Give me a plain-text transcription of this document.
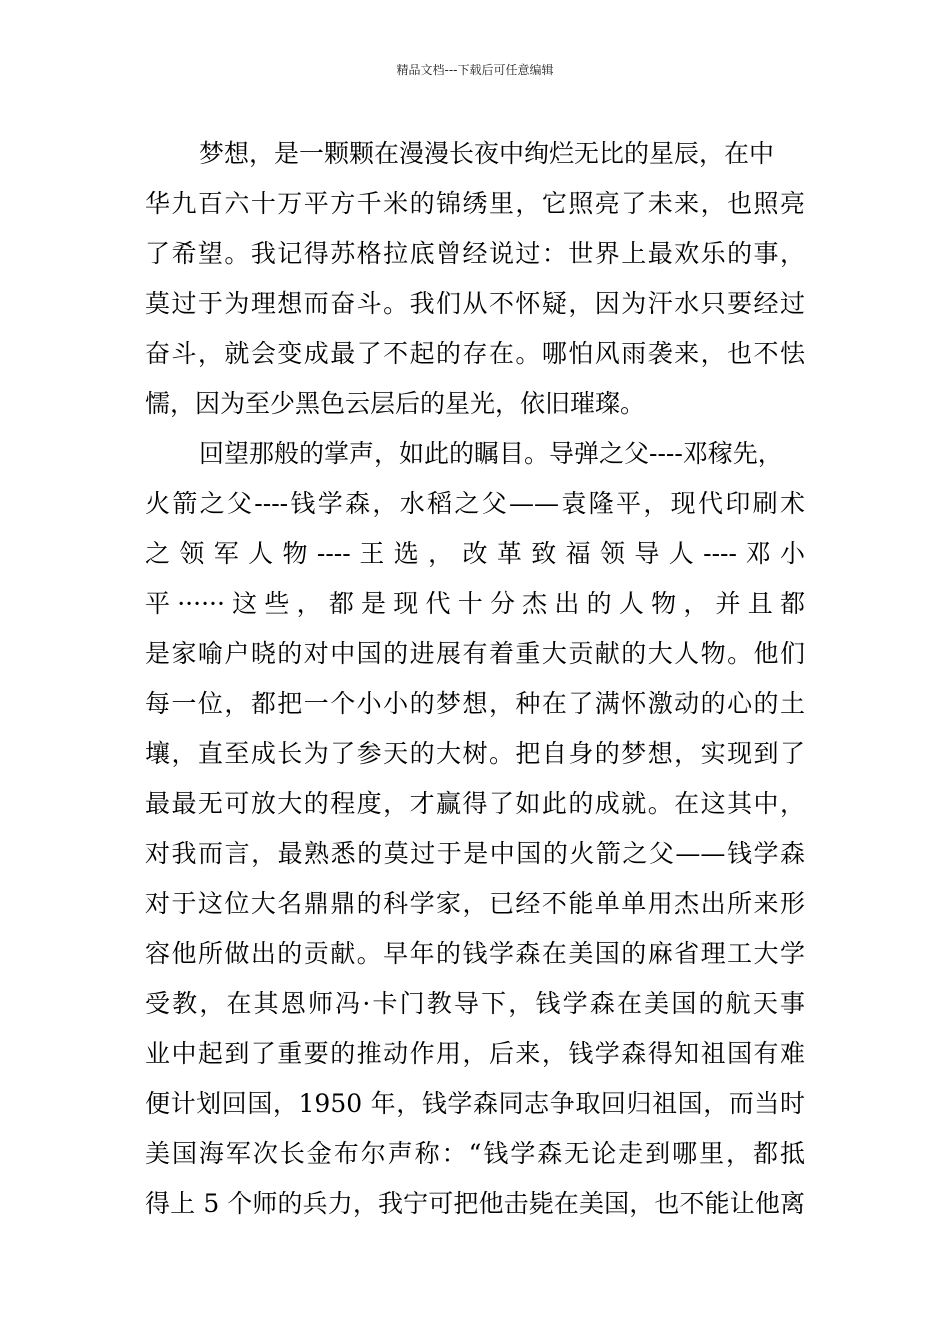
精品文档---下载后可任意编辑
梦想，是一颗颗在漫漫长夜中绚烂无比的星辰，在中
华九百六十万平方千米的锦绣里，它照亮了未来，也照亮
了希望。我记得苏格拉底曾经说过：世界上最欢乐的事，
莫过于为理想而奋斗。我们从不怀疑，因为汗水只要经过
奋斗，就会变成最了不起的存在。哪怕风雨袭来，也不怯
懦，因为至少黑色云层后的星光，依旧璀璨。
回望那般的掌声，如此的瞩目。导弹之父----邓稼先，
火箭之父----钱学森，水稻之父——袁隆平，现代印刷术
之 领 军 人 物 ---- 王 选 ， 改 革 致 福 领 导 人 ---- 邓 小
平······这些，都是现代十分杰出的人物，并且都
是家喻户晓的对中国的进展有着重大贡献的大人物。他们
每一位，都把一个小小的梦想，种在了满怀激动的心的土
壤，直至成长为了参天的大树。把自身的梦想，实现到了
最最无可放大的程度，才赢得了如此的成就。在这其中，
对我而言，最熟悉的莫过于是中国的火箭之父——钱学森
对于这位大名鼎鼎的科学家，已经不能单单用杰出所来形
容他所做出的贡献。早年的钱学森在美国的麻省理工大学
受教，在其恩师冯·卡门教导下，钱学森在美国的航天事
业中起到了重要的推动作用，后来，钱学森得知祖国有难
便计划回国，1950 年，钱学森同志争取回归祖国，而当时
美国海军次长金布尔声称：“钱学森无论走到哪里，都抵
得上 5 个师的兵力，我宁可把他击毙在美国，也不能让他离
